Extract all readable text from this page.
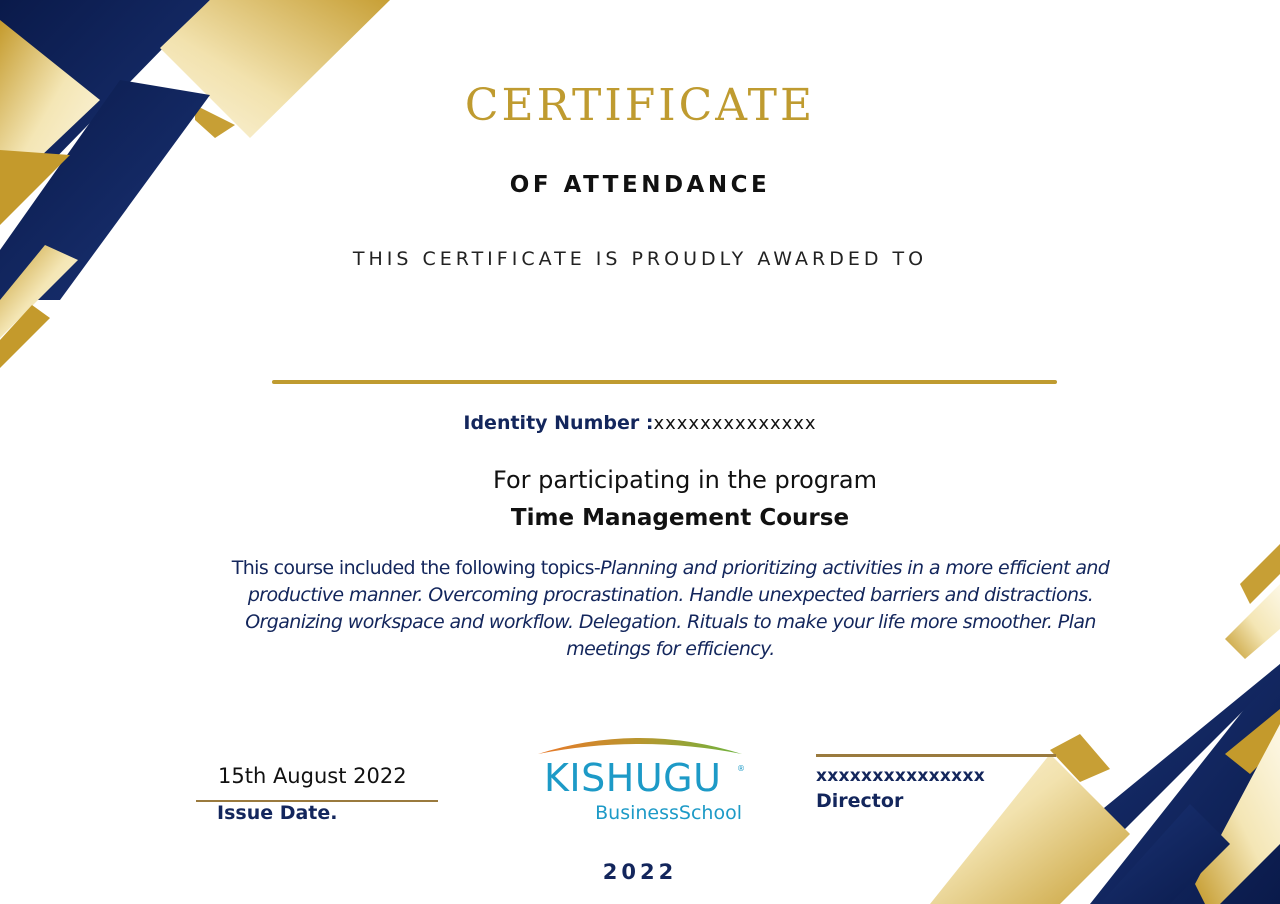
CERTIFICATE
OF ATTENDANCE
THIS CERTIFICATE IS PROUDLY AWARDED TO
Identity Number :xxxxxxxxxxxxxx
For participating in the program
Time Management Course
This course included the following topics-Planning and prioritizing activities in a more efficient and productive manner. Overcoming procrastination. Handle unexpected barriers and distractions. Organizing workspace and workflow. Delegation. Rituals to make your life more smoother. Plan meetings for efficiency.
15th August 2022
Issue Date.
KISHUGU ®
BusinessSchool
xxxxxxxxxxxxxxx
Director
2022
